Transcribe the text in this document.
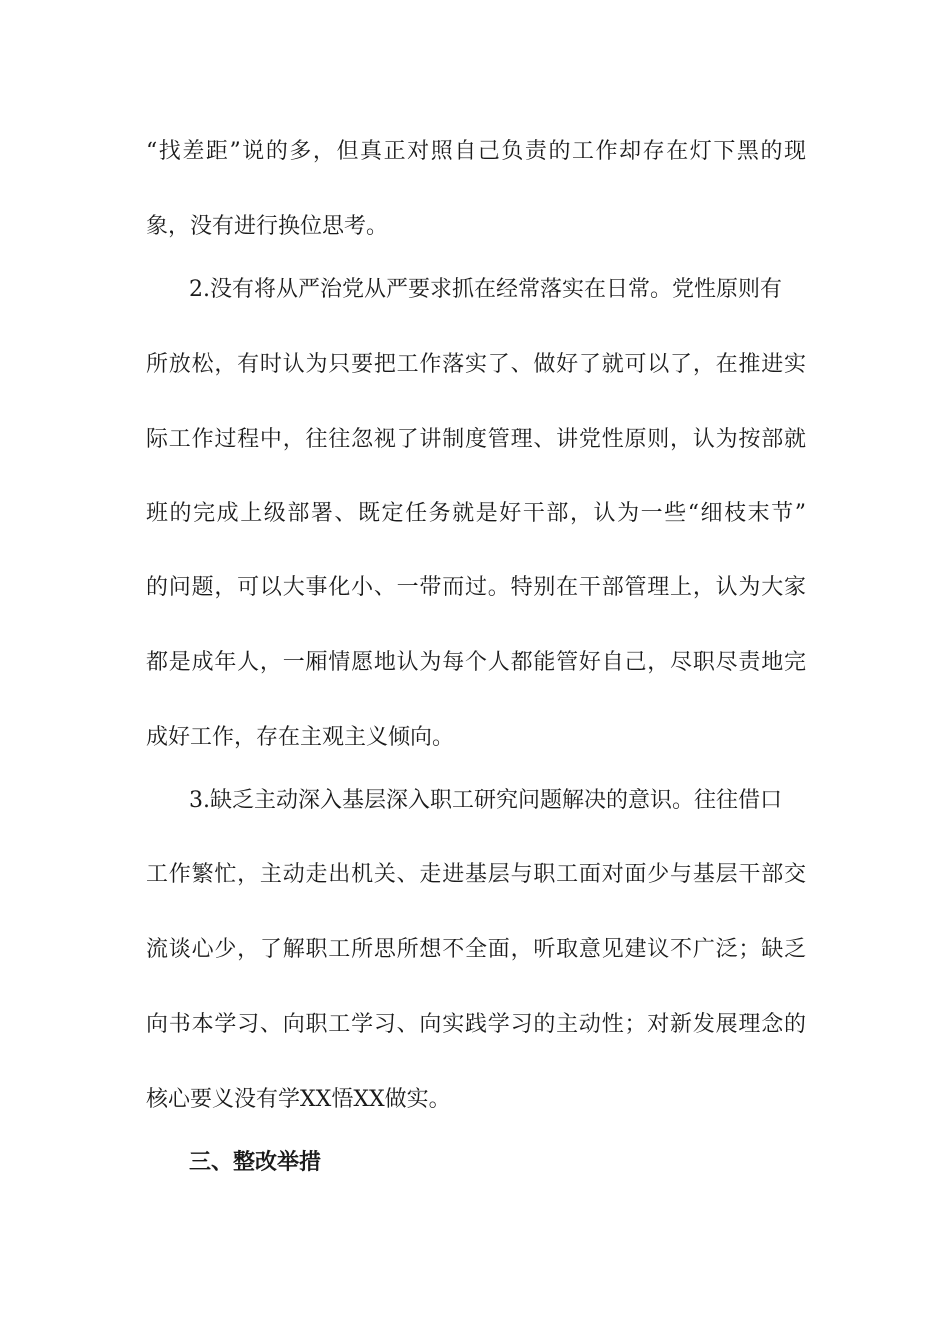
“找差距”说的多，但真正对照自己负责的工作却存在灯下黑的现
象，没有进行换位思考。
2.没有将从严治党从严要求抓在经常落实在日常。党性原则有
所放松，有时认为只要把工作落实了、做好了就可以了，在推进实
际工作过程中，往往忽视了讲制度管理、讲党性原则，认为按部就
班的完成上级部署、既定任务就是好干部，认为一些“细枝末节”
的问题，可以大事化小、一带而过。特别在干部管理上，认为大家
都是成年人，一厢情愿地认为每个人都能管好自己，尽职尽责地完
成好工作，存在主观主义倾向。
3.缺乏主动深入基层深入职工研究问题解决的意识。往往借口
工作繁忙，主动走出机关、走进基层与职工面对面少与基层干部交
流谈心少，了解职工所思所想不全面，听取意见建议不广泛；缺乏
向书本学习、向职工学习、向实践学习的主动性；对新发展理念的
核心要义没有学XX悟XX做实。
三、整改举措
